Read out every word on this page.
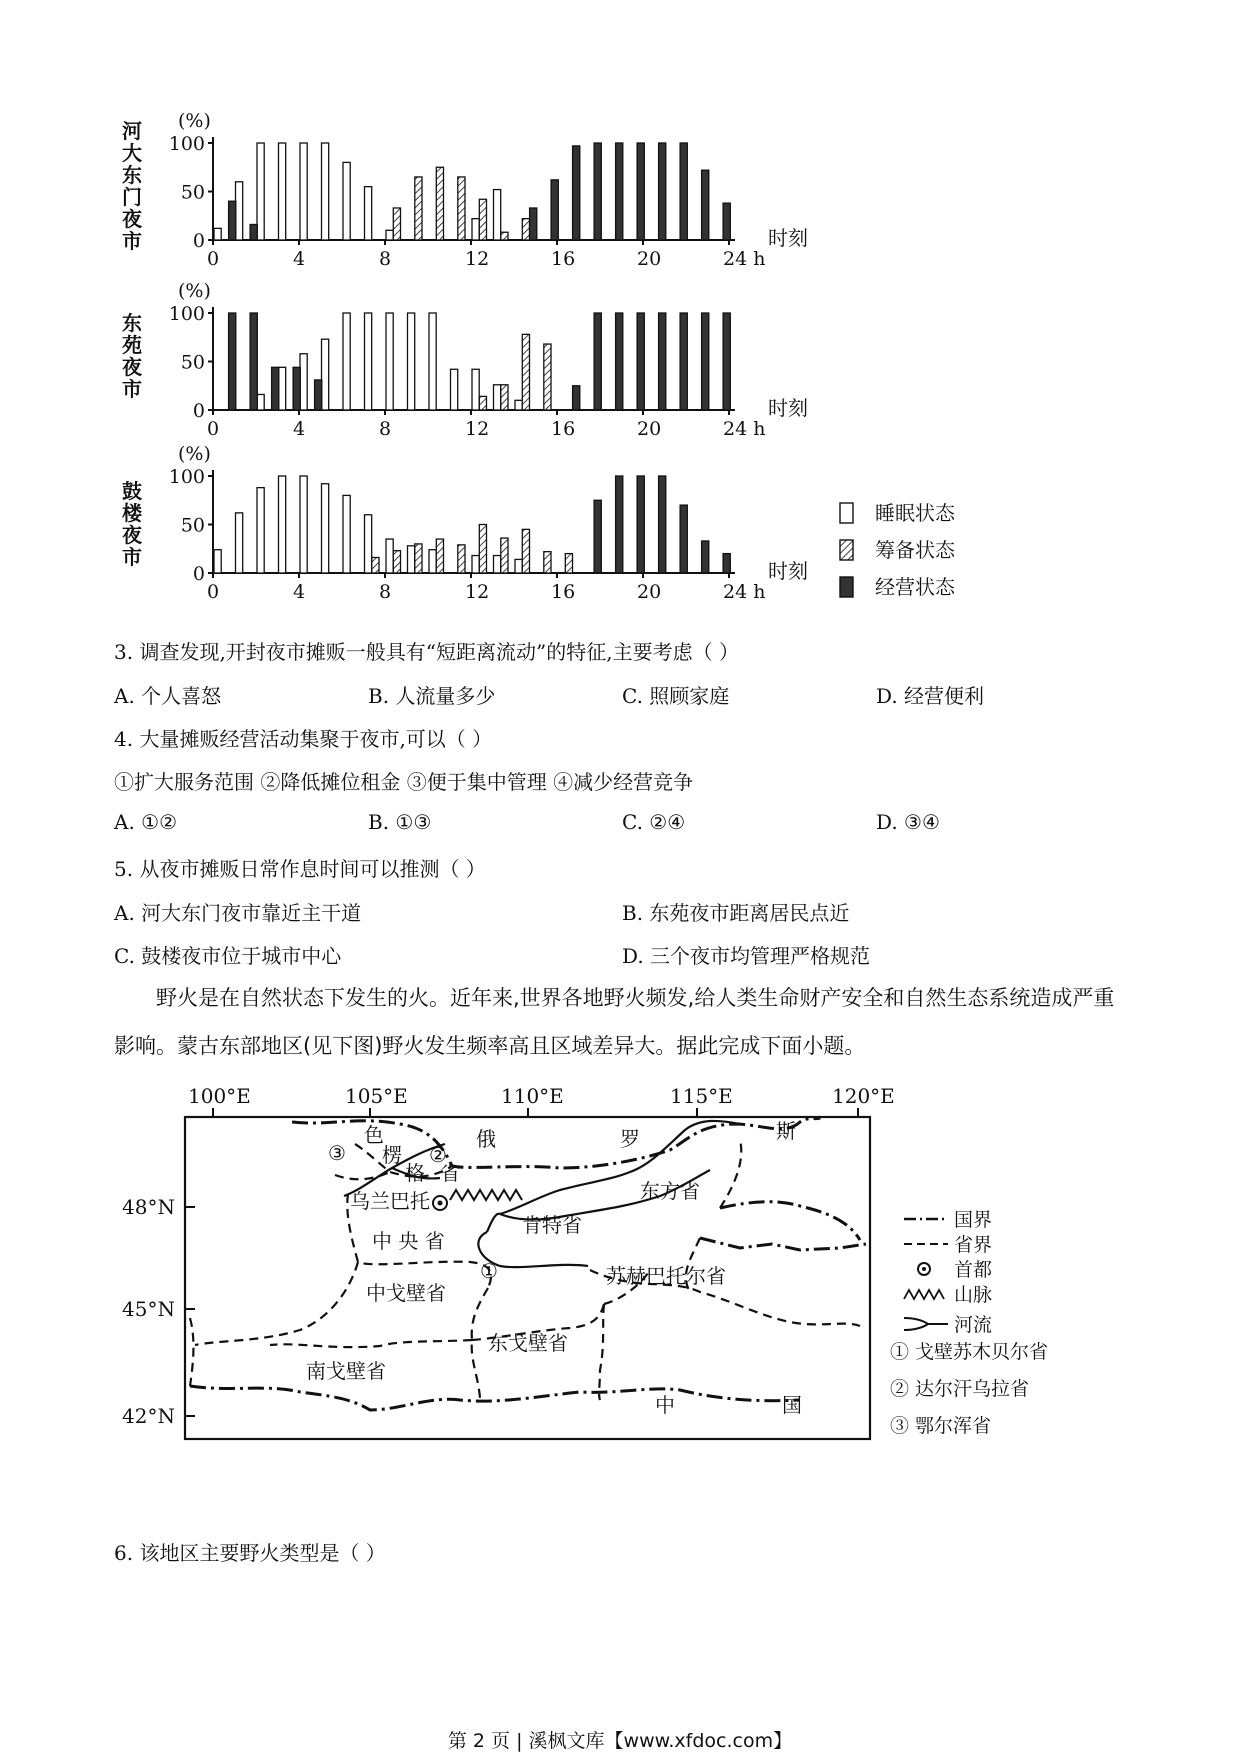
河大东门夜市
东苑夜市
鼓楼夜市
睡眠状态
筹备状态
经营状态
0
50
100
(%)
0	4	8	12	16	20	24 h
时刻
0
50
100
(%)
0	4	8	12	16	20	24 h
时刻
0
50
100
(%)
0	4	8	12	16	20	24 h
时刻
3. 调查发现,开封夜市摊贩一般具有“短距离流动”的特征,主要考虑（ ）
A. 个人喜怒	B. 人流量多少	C. 照顾家庭	D. 经营便利
4. 大量摊贩经营活动集聚于夜市,可以（ ）
①扩大服务范围 ②降低摊位租金 ③便于集中管理 ④减少经营竞争
A. ①②	B. ①③	C. ②④	D. ③④
5. 从夜市摊贩日常作息时间可以推测（ ）
A. 河大东门夜市靠近主干道	B. 东苑夜市距离居民点近
C. 鼓楼夜市位于城市中心	D. 三个夜市均管理严格规范
野火是在自然状态下发生的火。近年来,世界各地野火频发,给人类生命财产安全和自然生态系统造成严重影响。蒙古东部地区(见下图)野火发生频率高且区域差异大。据此完成下面小题。
100°E	105°E	110°E	115°E	120°E
48°N
45°N
42°N
俄	罗	斯
中	国
色
楞
格 省
乌兰巴托
中 央 省
肯特省
东方省
苏赫巴托尔省
中戈壁省
东戈壁省
南戈壁省
①
②
③
国界
省界
首都
山脉
河流
① 戈壁苏木贝尔省
② 达尔汗乌拉省
③ 鄂尔浑省
6. 该地区主要野火类型是（ ）
第 2 页 | 溪枫文库【www.xfdoc.com】
